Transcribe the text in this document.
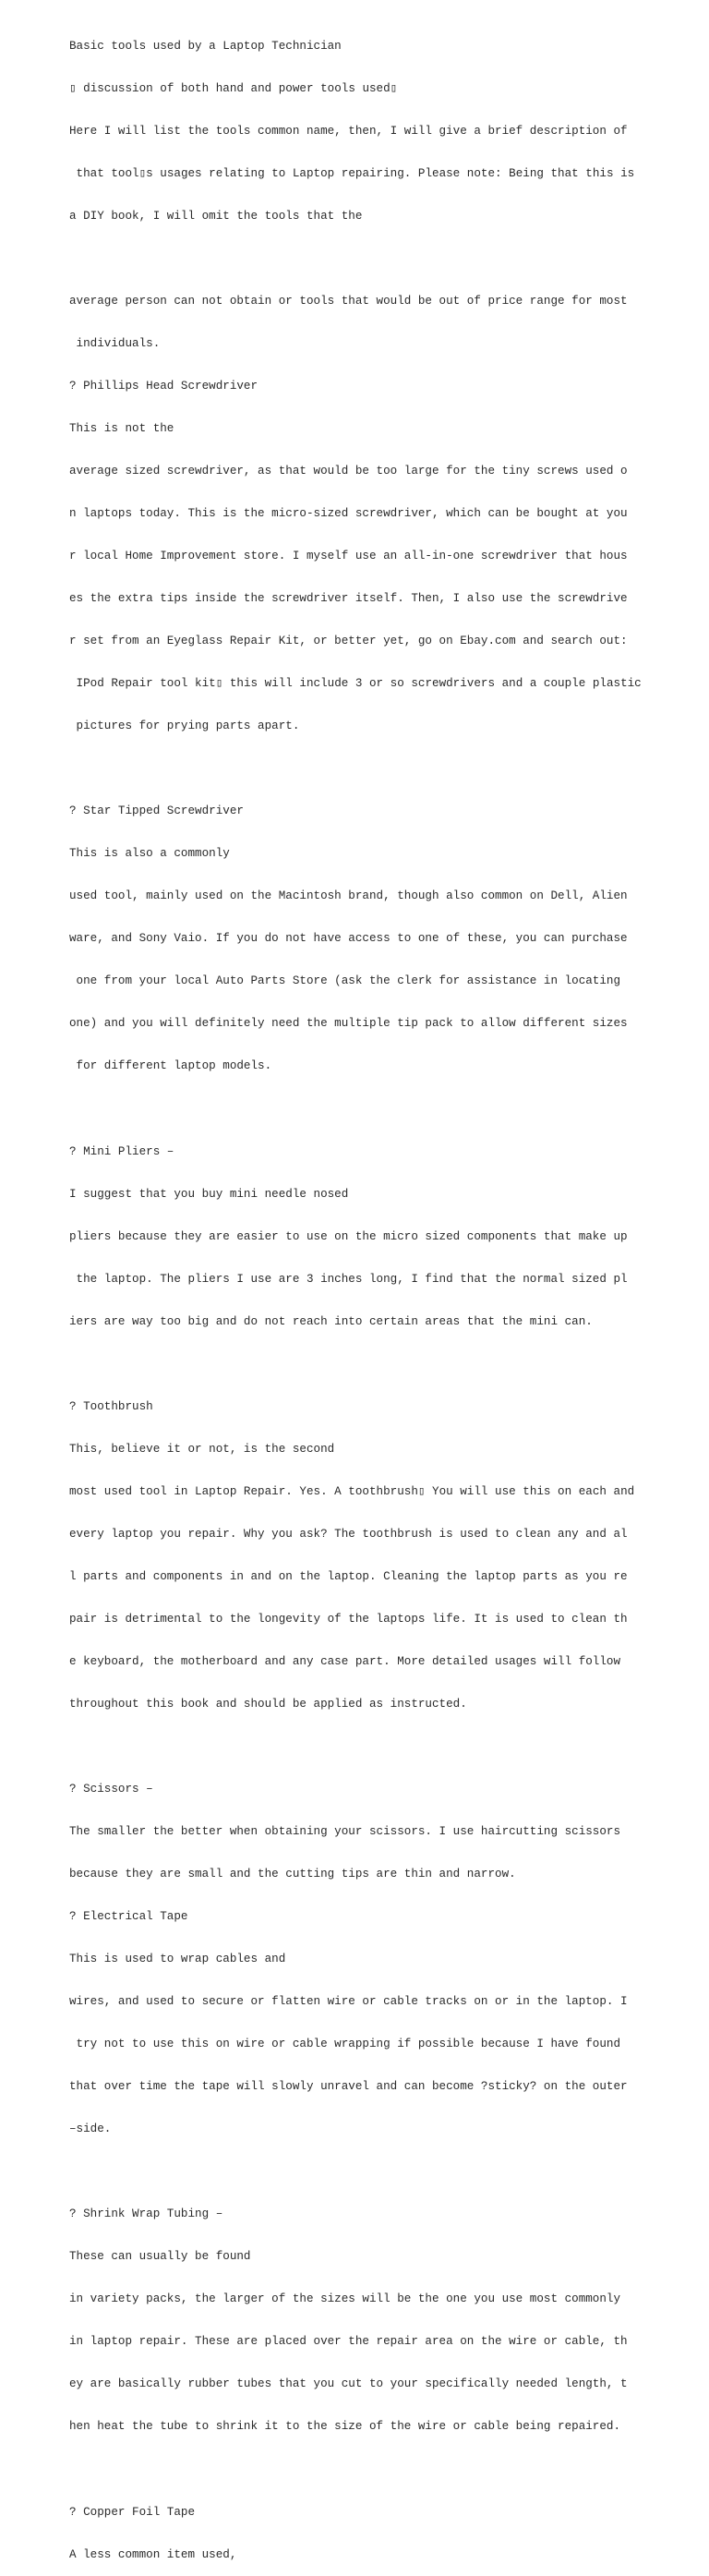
Basic tools used by a Laptop Technician

▯ discussion of both hand and power tools used▯

Here I will list the tools common name, then, I will give a brief description of

that tool▯s usages relating to Laptop repairing. Please note: Being that this is

a DIY book, I will omit the tools that the

average person can not obtain or tools that would be out of price range for most

individuals.

? Phillips Head Screwdriver

This is not the

average sized screwdriver, as that would be too large for the tiny screws used o

n laptops today. This is the micro-sized screwdriver, which can be bought at you

r local Home Improvement store. I myself use an all-in-one screwdriver that hous

es the extra tips inside the screwdriver itself. Then, I also use the screwdrive

r set from an Eyeglass Repair Kit, or better yet, go on Ebay.com and search out:

IPod Repair tool kit▯ this will include 3 or so screwdrivers and a couple plastic

pictures for prying parts apart.

? Star Tipped Screwdriver

This is also a commonly

used tool, mainly used on the Macintosh brand, though also common on Dell, Alien

ware, and Sony Vaio. If you do not have access to one of these, you can purchase

one from your local Auto Parts Store (ask the clerk for assistance in locating

one) and you will definitely need the multiple tip pack to allow different sizes

for different laptop models.

? Mini Pliers –

I suggest that you buy mini needle nosed

pliers because they are easier to use on the micro sized components that make up

the laptop. The pliers I use are 3 inches long, I find that the normal sized pl

iers are way too big and do not reach into certain areas that the mini can.

? Toothbrush

This, believe it or not, is the second

most used tool in Laptop Repair. Yes. A toothbrush▯ You will use this on each and

every laptop you repair. Why you ask? The toothbrush is used to clean any and al

l parts and components in and on the laptop. Cleaning the laptop parts as you re

pair is detrimental to the longevity of the laptops life. It is used to clean th

e keyboard, the motherboard and any case part. More detailed usages will follow

throughout this book and should be applied as instructed.

? Scissors –

The smaller the better when obtaining your scissors. I use haircutting scissors

because they are small and the cutting tips are thin and narrow.

? Electrical Tape

This is used to wrap cables and

wires, and used to secure or flatten wire or cable tracks on or in the laptop. I

try not to use this on wire or cable wrapping if possible because I have found

that over time the tape will slowly unravel and can become ?sticky? on the outer

–side.

? Shrink Wrap Tubing –

These can usually be found

in variety packs, the larger of the sizes will be the one you use most commonly

in laptop repair. These are placed over the repair area on the wire or cable, th

ey are basically rubber tubes that you cut to your specifically needed length, t

hen heat the tube to shrink it to the size of the wire or cable being repaired.

? Copper Foil Tape

A less common item used,
